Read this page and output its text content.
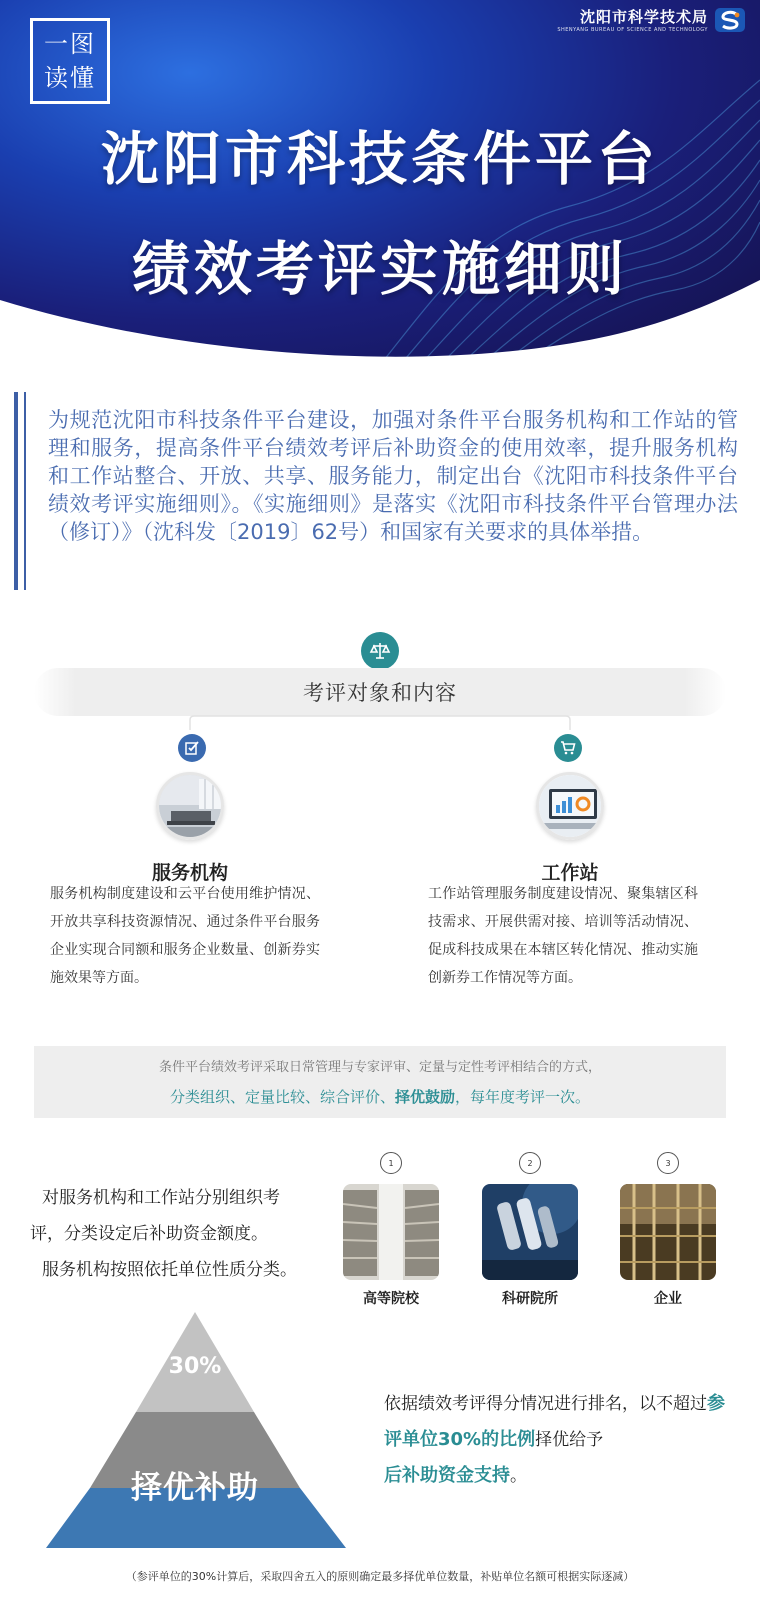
一图
读懂
沈阳市科学技术局
SHENYANG BUREAU OF SCIENCE AND TECHNOLOGY
沈阳市科技条件平台
绩效考评实施细则
为规范沈阳市科技条件平台建设，加强对条件平台服务机构和工作站的管理和服务，提高条件平台绩效考评后补助资金的使用效率，提升服务机构和工作站整合、开放、共享、服务能力，制定出台《沈阳市科技条件平台绩效考评实施细则》。《实施细则》是落实《沈阳市科技条件平台管理办法（修订）》（沈科发〔2019〕62号）和国家有关要求的具体举措。
考评对象和内容
服务机构	工作站
服务机构制度建设和云平台使用维护情况、开放共享科技资源情况、通过条件平台服务企业实现合同额和服务企业数量、创新券实施效果等方面。
工作站管理服务制度建设情况、聚集辖区科技需求、开展供需对接、培训等活动情况、促成科技成果在本辖区转化情况、推动实施创新券工作情况等方面。
条件平台绩效考评采取日常管理与专家评审、定量与定性考评相结合的方式，
分类组织、定量比较、综合评价、择优鼓励，每年度考评一次。
对服务机构和工作站分别组织考
评，分类设定后补助资金额度。
服务机构按照依托单位性质分类。
1	2	3
高等院校	科研院所	企业
30%
择优补助
依据绩效考评得分情况进行排名，以不超过参评单位30%的比例择优给予
后补助资金支持。
（参评单位的30%计算后，采取四舍五入的原则确定最多择优单位数量，补贴单位名额可根据实际逐减）
